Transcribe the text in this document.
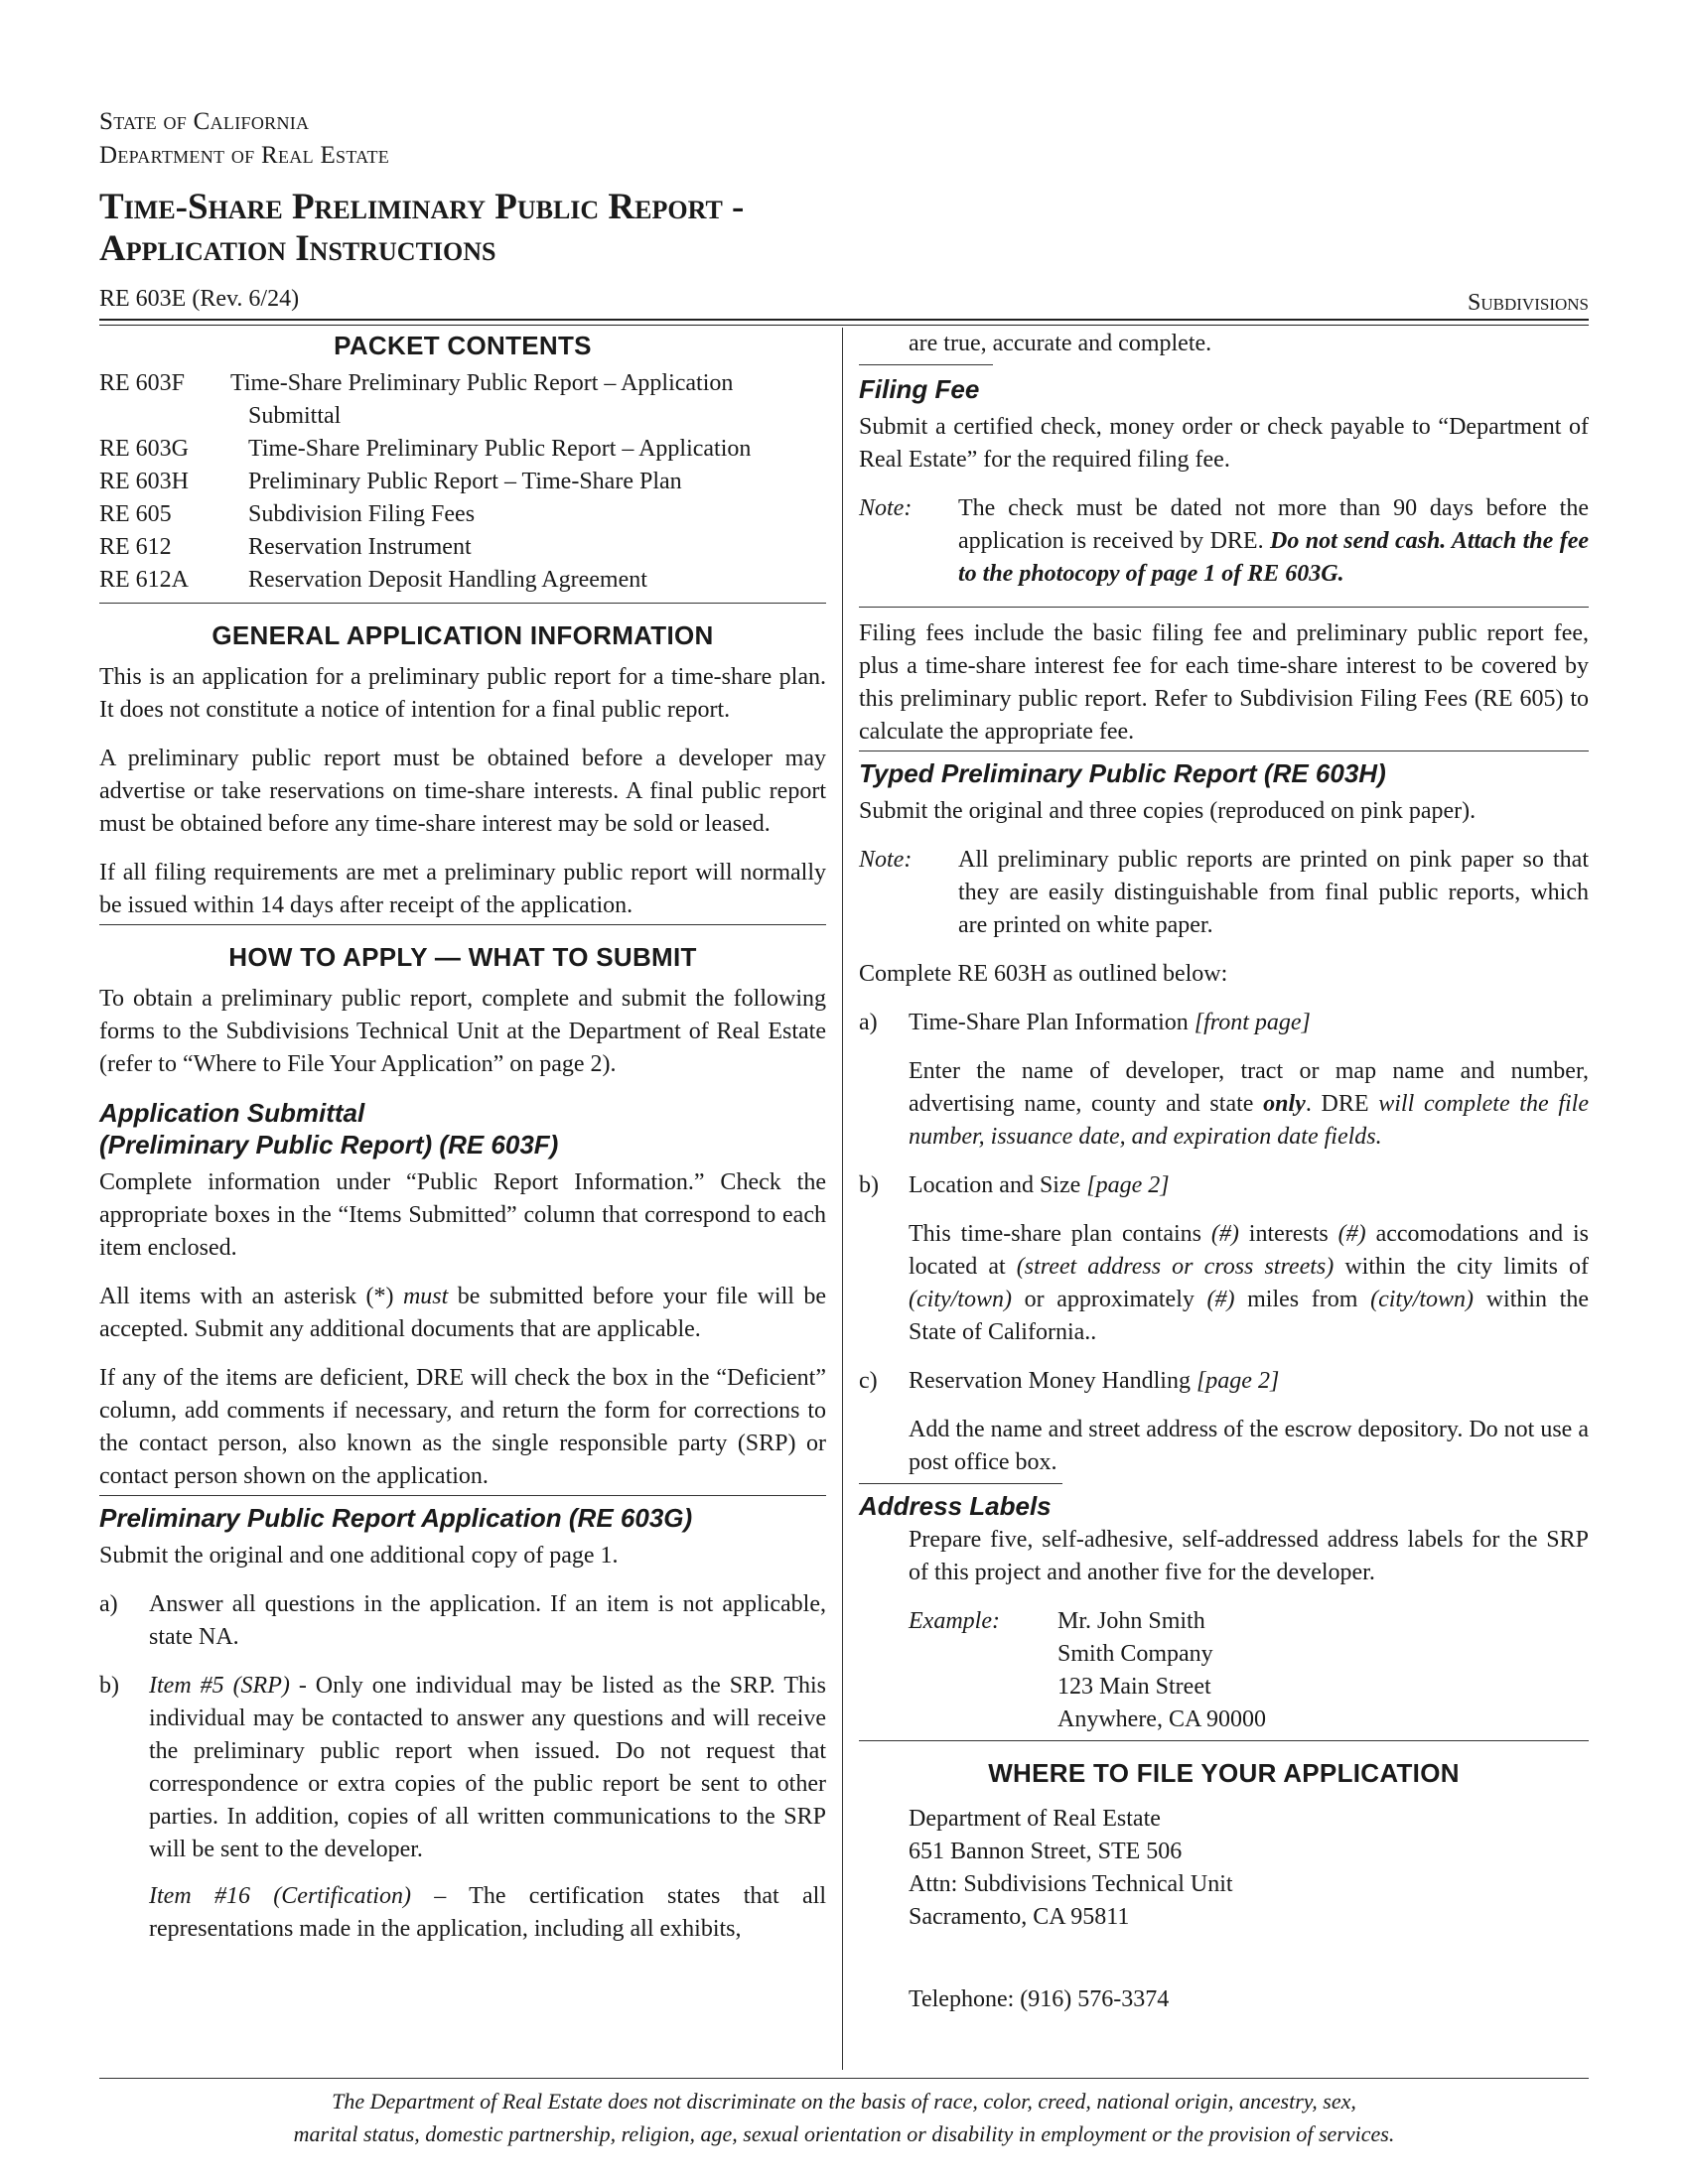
State of California
Department of Real Estate
Time-Share Preliminary Public Report -
Application Instructions
RE 603E (Rev. 6/24)	Subdivisions
PACKET CONTENTS
RE 603F	Time-Share Preliminary Public Report – Application Submittal
RE 603G	Time-Share Preliminary Public Report – Application
RE 603H	Preliminary Public Report – Time-Share Plan
RE 605	Subdivision Filing Fees
RE 612	Reservation Instrument
RE 612A	Reservation Deposit Handling Agreement
GENERAL APPLICATION INFORMATION

This is an application for a preliminary public report for a time-share plan. It does not constitute a notice of intention for a final public report.

A preliminary public report must be obtained before a developer may advertise or take reservations on time-share interests. A final public report must be obtained before any time-share interest may be sold or leased.

If all filing requirements are met a preliminary public report will normally be issued within 14 days after receipt of the application.

HOW TO APPLY — WHAT TO SUBMIT

To obtain a preliminary public report, complete and submit the following forms to the Subdivisions Technical Unit at the Department of Real Estate (refer to “Where to File Your Application” on page 2).

Application Submittal
(Preliminary Public Report) (RE 603F)

Complete information under “Public Report Information.” Check the appropriate boxes in the “Items Submitted” column that correspond to each item enclosed.

All items with an asterisk (*) must be submitted before your file will be accepted. Submit any additional documents that are applicable.

If any of the items are deficient, DRE will check the box in the “Deficient” column, add comments if necessary, and return the form for corrections to the contact person, also known as the single responsible party (SRP) or contact person shown on the application.

Preliminary Public Report Application (RE 603G)

Submit the original and one additional copy of page 1.

a)	Answer all questions in the application. If an item is not applicable, state NA.
b)	Item #5 (SRP) - Only one individual may be listed as the SRP. This individual may be contacted to answer any questions and will receive the preliminary public report when issued. Do not request that correspondence or extra copies of the public report be sent to other parties. In addition, copies of all written communications to the SRP will be sent to the developer.
Item #16 (Certification) – The certification states that all representations made in the application, including all exhibits,
are true, accurate and complete.
Filing Fee

Submit a certified check, money order or check payable to “Department of Real Estate” for the required filing fee.

Note:	The check must be dated not more than 90 days before the application is received by DRE. Do not send cash. Attach the fee to the photocopy of page 1 of RE 603G.

Filing fees include the basic filing fee and preliminary public report fee, plus a time-share interest fee for each time-share interest to be covered by this preliminary public report. Refer to Subdivision Filing Fees (RE 605) to calculate the appropriate fee.

Typed Preliminary Public Report (RE 603H)

Submit the original and three copies (reproduced on pink paper).

Note:	All preliminary public reports are printed on pink paper so that they are easily distinguishable from final public reports, which are printed on white paper.

Complete RE 603H as outlined below:

a)	Time-Share Plan Information [front page]
Enter the name of developer, tract or map name and number, advertising name, county and state only. DRE will complete the file number, issuance date, and expiration date fields.
b)	Location and Size [page 2]
This time-share plan contains (#) interests (#) accomodations and is located at (street address or cross streets) within the city limits of (city/town) or approximately (#) miles from (city/town) within the State of California..
c)	Reservation Money Handling [page 2]
Add the name and street address of the escrow depository. Do not use a post office box.
Address Labels

Prepare five, self-adhesive, self-addressed address labels for the SRP of this project and another five for the developer.

Example:	Mr. John Smith
Smith Company
123 Main Street
Anywhere, CA 90000
WHERE TO FILE YOUR APPLICATION
Department of Real Estate
651 Bannon Street, STE 506
Attn: Subdivisions Technical Unit
Sacramento, CA 95811
Telephone: (916) 576-3374
The Department of Real Estate does not discriminate on the basis of race, color, creed, national origin, ancestry, sex,
marital status, domestic partnership, religion, age, sexual orientation or disability in employment or the provision of services.
